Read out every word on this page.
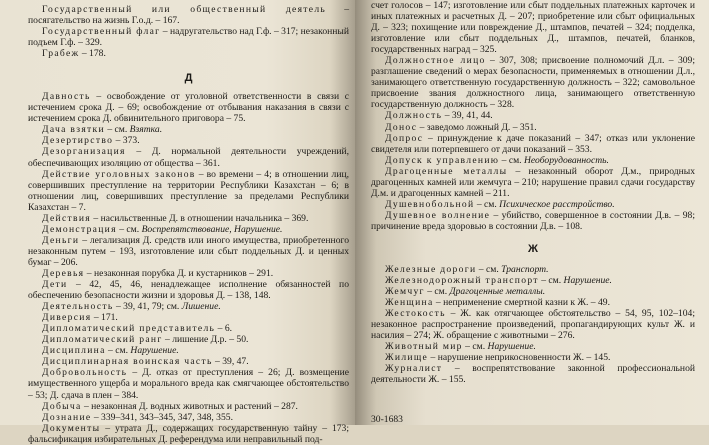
Государственный или общественный деятель – посягательство на жизнь Г.о.д. – 167.

Государственный флаг – надругательство над Г.ф. – 317; незаконный подъем Г.ф. – 329.

Грабеж – 178.

Д

Давность – освобождение от уголовной ответственности в связи с истечением срока Д. – 69; освобождение от отбывания наказания в связи с истечением срока Д. обвинительного приговора – 75.

Дача взятки – см. Взятка.

Дезертирство – 373.

Дезорганизация – Д. нормальной деятельности учреждений, обеспечивающих изоляцию от общества – 361.

Действие уголовных законов – во времени – 4; в отношении лиц, совершивших преступление на территории Республики Казахстан – 6; в отношении лиц, совершивших преступление за пределами Республики Казахстан – 7.

Действия – насильственные Д. в отношении начальника – 369.

Демонстрация – см. Воспрепятствование, Нарушение.

Деньги – легализация Д. средств или иного имущества, приобретенного незаконным путем – 193, изготовление или сбыт поддельных Д. и ценных бумаг – 206.

Деревья – незаконная порубка Д. и кустарников – 291.

Дети – 42, 45, 46, ненадлежащее исполнение обязанностей по обеспечению безопасности жизни и здоровья Д. – 138, 148.

Деятельность – 39, 41, 79; см. Лишение.

Диверсия – 171.

Дипломатический представитель – 6.

Дипломатический ранг – лишение Д.р. – 50.

Дисциплина – см. Нарушение.

Дисциплинарная воинская часть – 39, 47.

Добровольность – Д. отказ от преступления – 26; Д. возмещение имущественного ущерба и морального вреда как смягчающее обстоятельство – 53; Д. сдача в плен – 384.

Добыча – незаконная Д. водных животных и растений – 287.

Дознание – 339–341, 343–345, 347, 348, 355.

Документы – утрата Д., содержащих государственную тайну – 173; фальсификация избирательных Д. референдума или неправильный под-

счет голосов – 147; изготовление или сбыт поддельных платежных карточек и иных платежных и расчетных Д. – 207; приобретение или сбыт официальных Д. – 323; похищение или повреждение Д., штампов, печатей – 324; подделка, изготовление или сбыт поддельных Д., штампов, печатей, бланков, государственных наград – 325.

Должностное лицо – 307, 308; присвоение полномочий Д.л. – 309; разглашение сведений о мерах безопасности, применяемых в отношении Д.л., занимающего ответственную государственную должность – 322; самовольное присвоение звания должностного лица, занимающего ответственную государственную должность – 328.

Должность – 39, 41, 44.

Донос – заведомо ложный Д. – 351.

Допрос – принуждение к даче показаний – 347; отказ или уклонение свидетеля или потерпевшего от дачи показаний – 353.

Допуск к управлению – см. Необорудованность.

Драгоценные металлы – незаконный оборот Д.м., природных драгоценных камней или жемчуга – 210; нарушение правил сдачи государству Д.м. и драгоценных камней – 211.

Душевнобольной – см. Психическое расстройство.

Душевное волнение – убийство, совершенное в состоянии Д.в. – 98; причинение вреда здоровью в состоянии Д.в. – 108.

Ж

Железные дороги – см. Транспорт.

Железнодорожный транспорт – см. Нарушение.

Жемчуг – см. Драгоценные металлы.

Женщина – неприменение смертной казни к Ж. – 49.

Жестокость – Ж. как отягчающее обстоятельство – 54, 95, 102–104; незаконное распространение произведений, пропагандирующих культ Ж. и насилия – 274; Ж. обращение с животными – 276.

Животный мир – см. Нарушение.

Жилище – нарушение неприкосновенности Ж. – 145.

Журналист – воспрепятствование законной профессиональной деятельности Ж. – 155.

30-1683
